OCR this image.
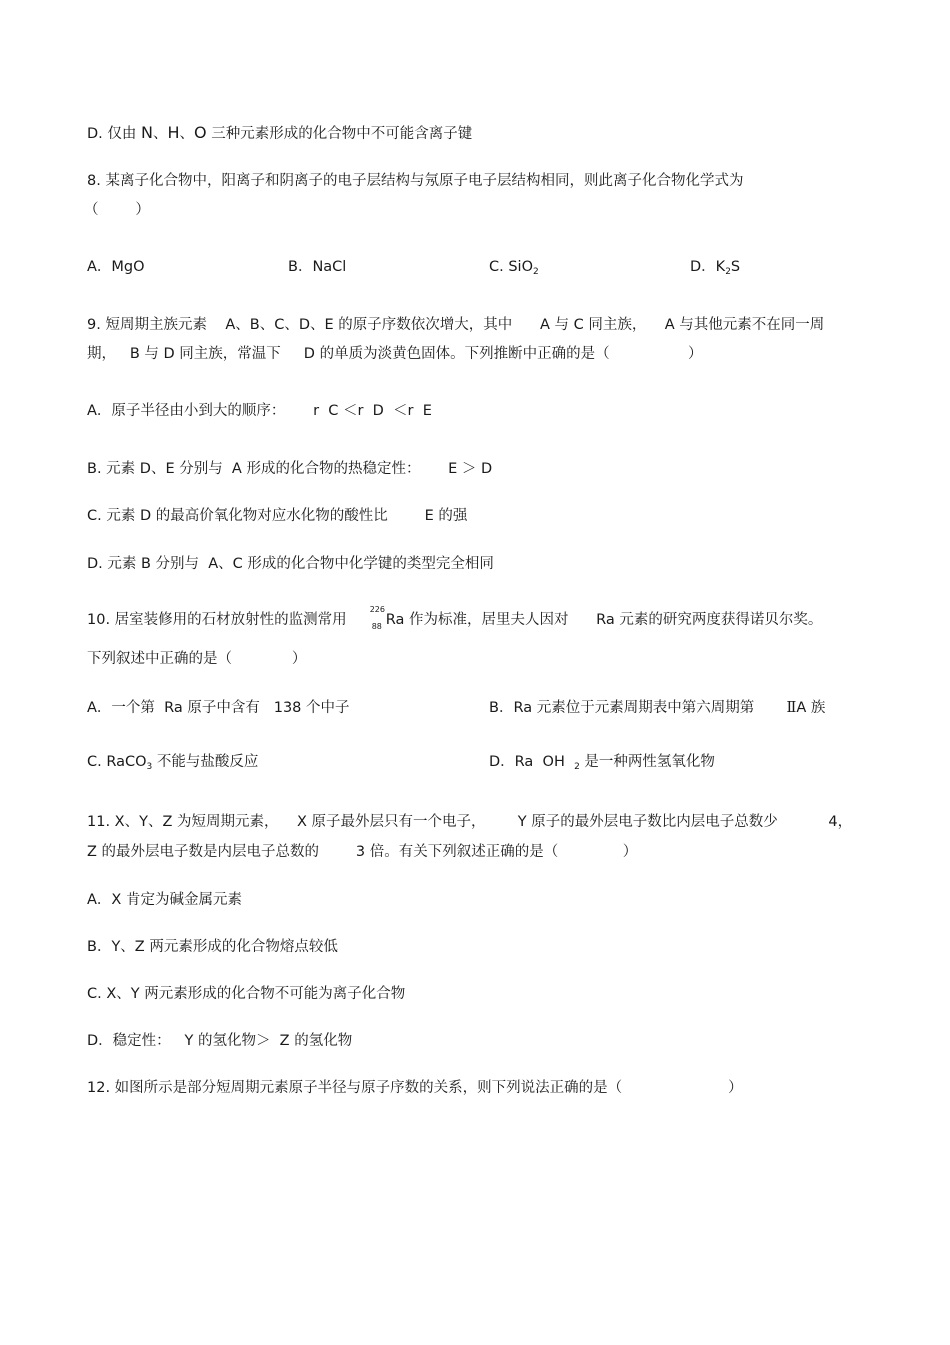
D. 仅由 N、H、O 三种元素形成的化合物中不可能含离子键
8. 某离子化合物中，阳离子和阴离子的电子层结构与氖原子电子层结构相同，则此离子化合物化学式为
（        ）
A．MgO	B．NaCl	C. SiO$_2$	D．$K_2S$
9. 短周期主族元素    A、B、C、D、E 的原子序数依次增大，其中      A 与 C 同主族，    A 与其他元素不在同一周
期，   B 与 D 同主族，常温下     D 的单质为淡黄色固体。下列推断中正确的是（                 ）
A．原子半径由小到大的顺序：      r  C ＜r  D  ＜r  E
B. 元素 D、E 分别与  A 形成的化合物的热稳定性：      E ＞ D
C. 元素 D 的最高价氧化物对应水化物的酸性比        E 的强
D. 元素 B 分别与  A、C 形成的化合物中化学键的类型完全相同
10. 居室装修用的石材放射性的监测常用
226
88 Ra 作为标准，居里夫人因对      Ra 元素的研究两度获得诺贝尔奖。
下列叙述中正确的是（             ）
A．一个第  Ra 原子中含有   138 个中子	B．Ra 元素位于元素周期表中第六周期第       ⅡA 族
C. RaCO$_3$ 不能与盐酸反应	D．Ra  OH  $_2$ 是一种两性氢氧化物
11. X、Y、Z 为短周期元素，    X 原子最外层只有一个电子，       Y 原子的最外层电子数比内层电子总数少           4，
Z 的最外层电子数是内层电子总数的        3 倍。有关下列叙述正确的是（              ）
A．X 肯定为碱金属元素
B．Y、Z 两元素形成的化合物熔点较低
C. X、Y 两元素形成的化合物不可能为离子化合物
D．稳定性：   Y 的氢化物＞  Z 的氢化物
12. 如图所示是部分短周期元素原子半径与原子序数的关系，则下列说法正确的是（                       ）
